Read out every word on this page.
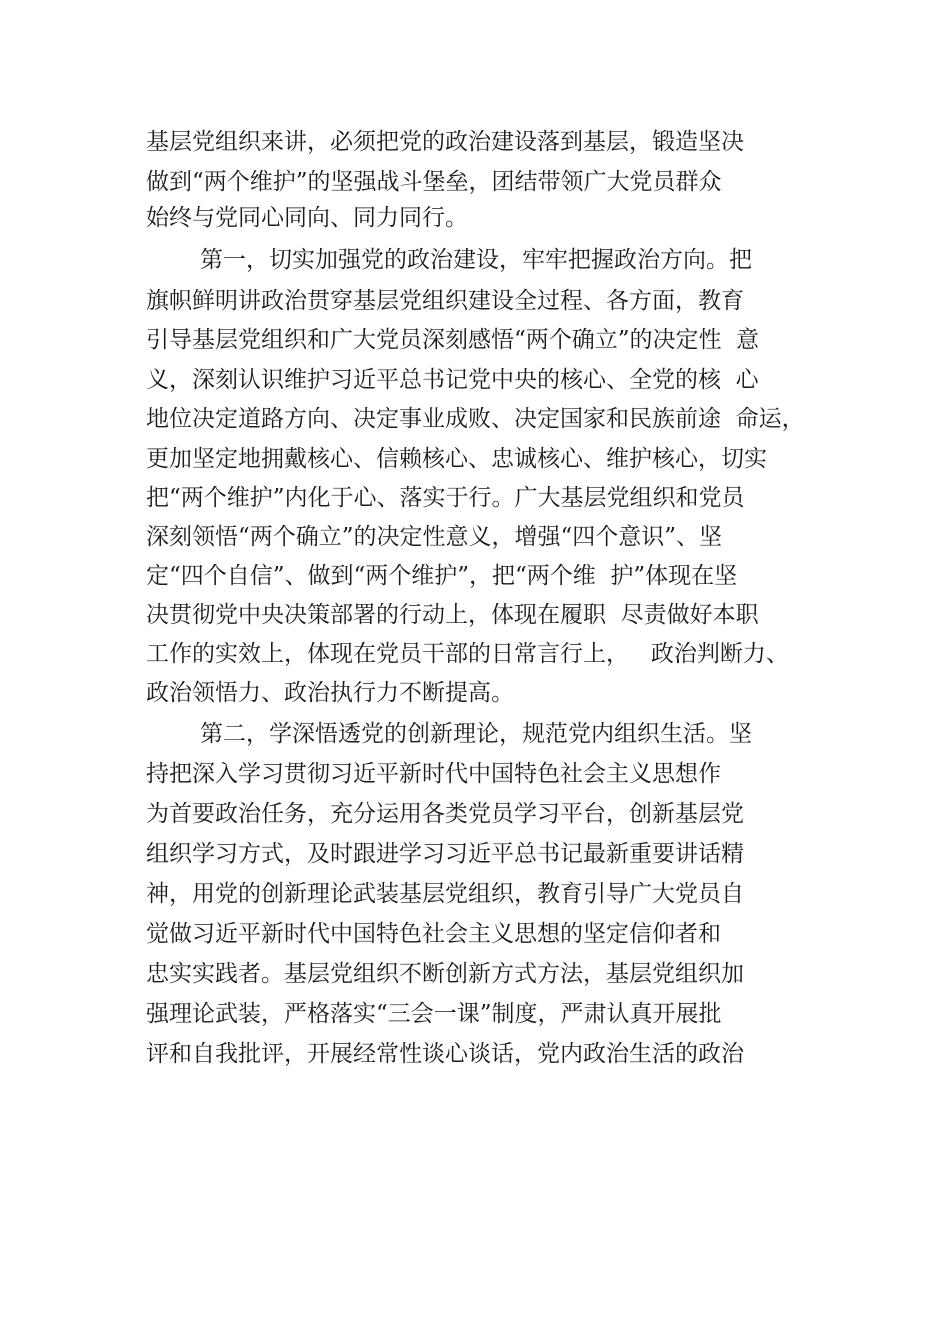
基层党组织来讲，必须把党的政治建设落到基层，锻造坚决
做到“两个维护”的坚强战斗堡垒，团结带领广大党员群众
始终与党同心同向、同力同行。
第一，切实加强党的政治建设，牢牢把握政治方向。把
旗帜鲜明讲政治贯穿基层党组织建设全过程、各方面，教育
引导基层党组织和广大党员深刻感悟“两个确立”的决定性  意
义，深刻认识维护习近平总书记党中央的核心、全党的核  心
地位决定道路方向、决定事业成败、决定国家和民族前途  命运，
更加坚定地拥戴核心、信赖核心、忠诚核心、维护核心，切实
把“两个维护”内化于心、落实于行。广大基层党组织和党员
深刻领悟“两个确立”的决定性意义，增强“四个意识”、坚
定“四个自信”、做到“两个维护”，把“两个维  护”体现在坚
决贯彻党中央决策部署的行动上，体现在履职  尽责做好本职
工作的实效上，体现在党员干部的日常言行上，   政治判断力、
政治领悟力、政治执行力不断提高。
第二，学深悟透党的创新理论，规范党内组织生活。坚
持把深入学习贯彻习近平新时代中国特色社会主义思想作
为首要政治任务，充分运用各类党员学习平台，创新基层党
组织学习方式，及时跟进学习习近平总书记最新重要讲话精
神，用党的创新理论武装基层党组织，教育引导广大党员自
觉做习近平新时代中国特色社会主义思想的坚定信仰者和
忠实实践者。基层党组织不断创新方式方法，基层党组织加
强理论武装，严格落实“三会一课”制度，严肃认真开展批
评和自我批评，开展经常性谈心谈话，党内政治生活的政治
